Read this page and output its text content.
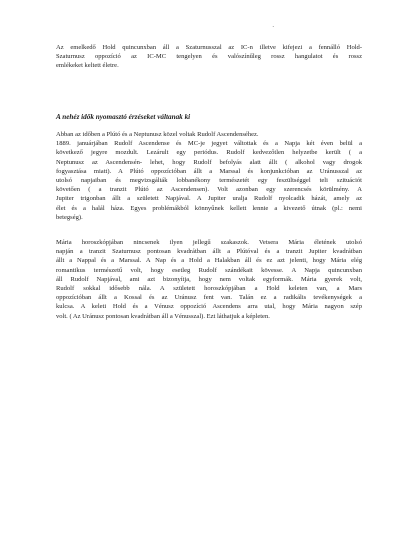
˙
Az emelkedő Hold quincunxban áll a Szaturnusszal az IC-n illetve kifejezi a fennálló Hold-
Szaturnusz oppozíció az IC-MC tengelyen és valószínűleg rossz hangulatot és rossz
emlékeket keltett életre.
A nehéz idők nyomasztó érzéseket váltanak ki
Abban az időben a Plútó és a Neptunusz közel voltak Rudolf Ascendenséhez.
1889. januárjában Rudolf Ascendense és MC-je jegyet váltottak és a Napja két éven belül a
következő jegyre mozdult. Lezárult egy periódus. Rudolf kedvezőtlen helyzetbe került ( a
Neptunusz az Ascendensén- lehet, hogy Rudolf befolyás alatt állt ( alkohol vagy drogok
fogyasztása miatt). A Plútó oppozícióban állt a Marssal és konjunkcióban az Uránusszal az
utolsó napjaiban és megvizsgálták lobbanékony természetét egy feszültséggel teli szituációt
követően ( a tranzit Plútó az Ascendensen). Volt azonban egy szerencsés körülmény. A
Jupiter trigonban állt a született Napjával. A Jupiter uralja Rudolf nyolcadik házát, amely az
élet és a halál háza. Egyes problémákból könnyűnek kellett lennie a kivezető útnak (pl.: nemi
betegség).
Mária horoszkópjában nincsenek ilyen jellegű szakaszok. Vetsera Mária életének utolsó
napján a tranzit Szaturnusz pontosan kvadrátban állt a Plútóval és a tranzit Jupiter kvadrátban
állt a Nappal és a Marssal. A Nap és a Hold a Halakban áll és ez azt jelenti, hogy Mária elég
romantikus természetű volt, hogy esetleg Rudolf szándékait kövesse. A Napja quincunxban
áll Rudolf Napjával, ami azt bizonyítja, hogy nem voltak egyformák. Mária gyerek volt,
Rudolf sokkal idősebb nála. A született horoszkópjában a Hold keleten van, a Mars
oppozícióban állt a Kossal és az Uránusz fent van. Talán ez a radikális tevékenységek a
kulcsa. A keleti Hold és a Vénusz oppozíció Ascendens arra utal, hogy Mária nagyon szép
volt. ( Az Uránusz pontosan kvadrátban áll a Vénusszal). Ezt láthatjuk a képleten.
